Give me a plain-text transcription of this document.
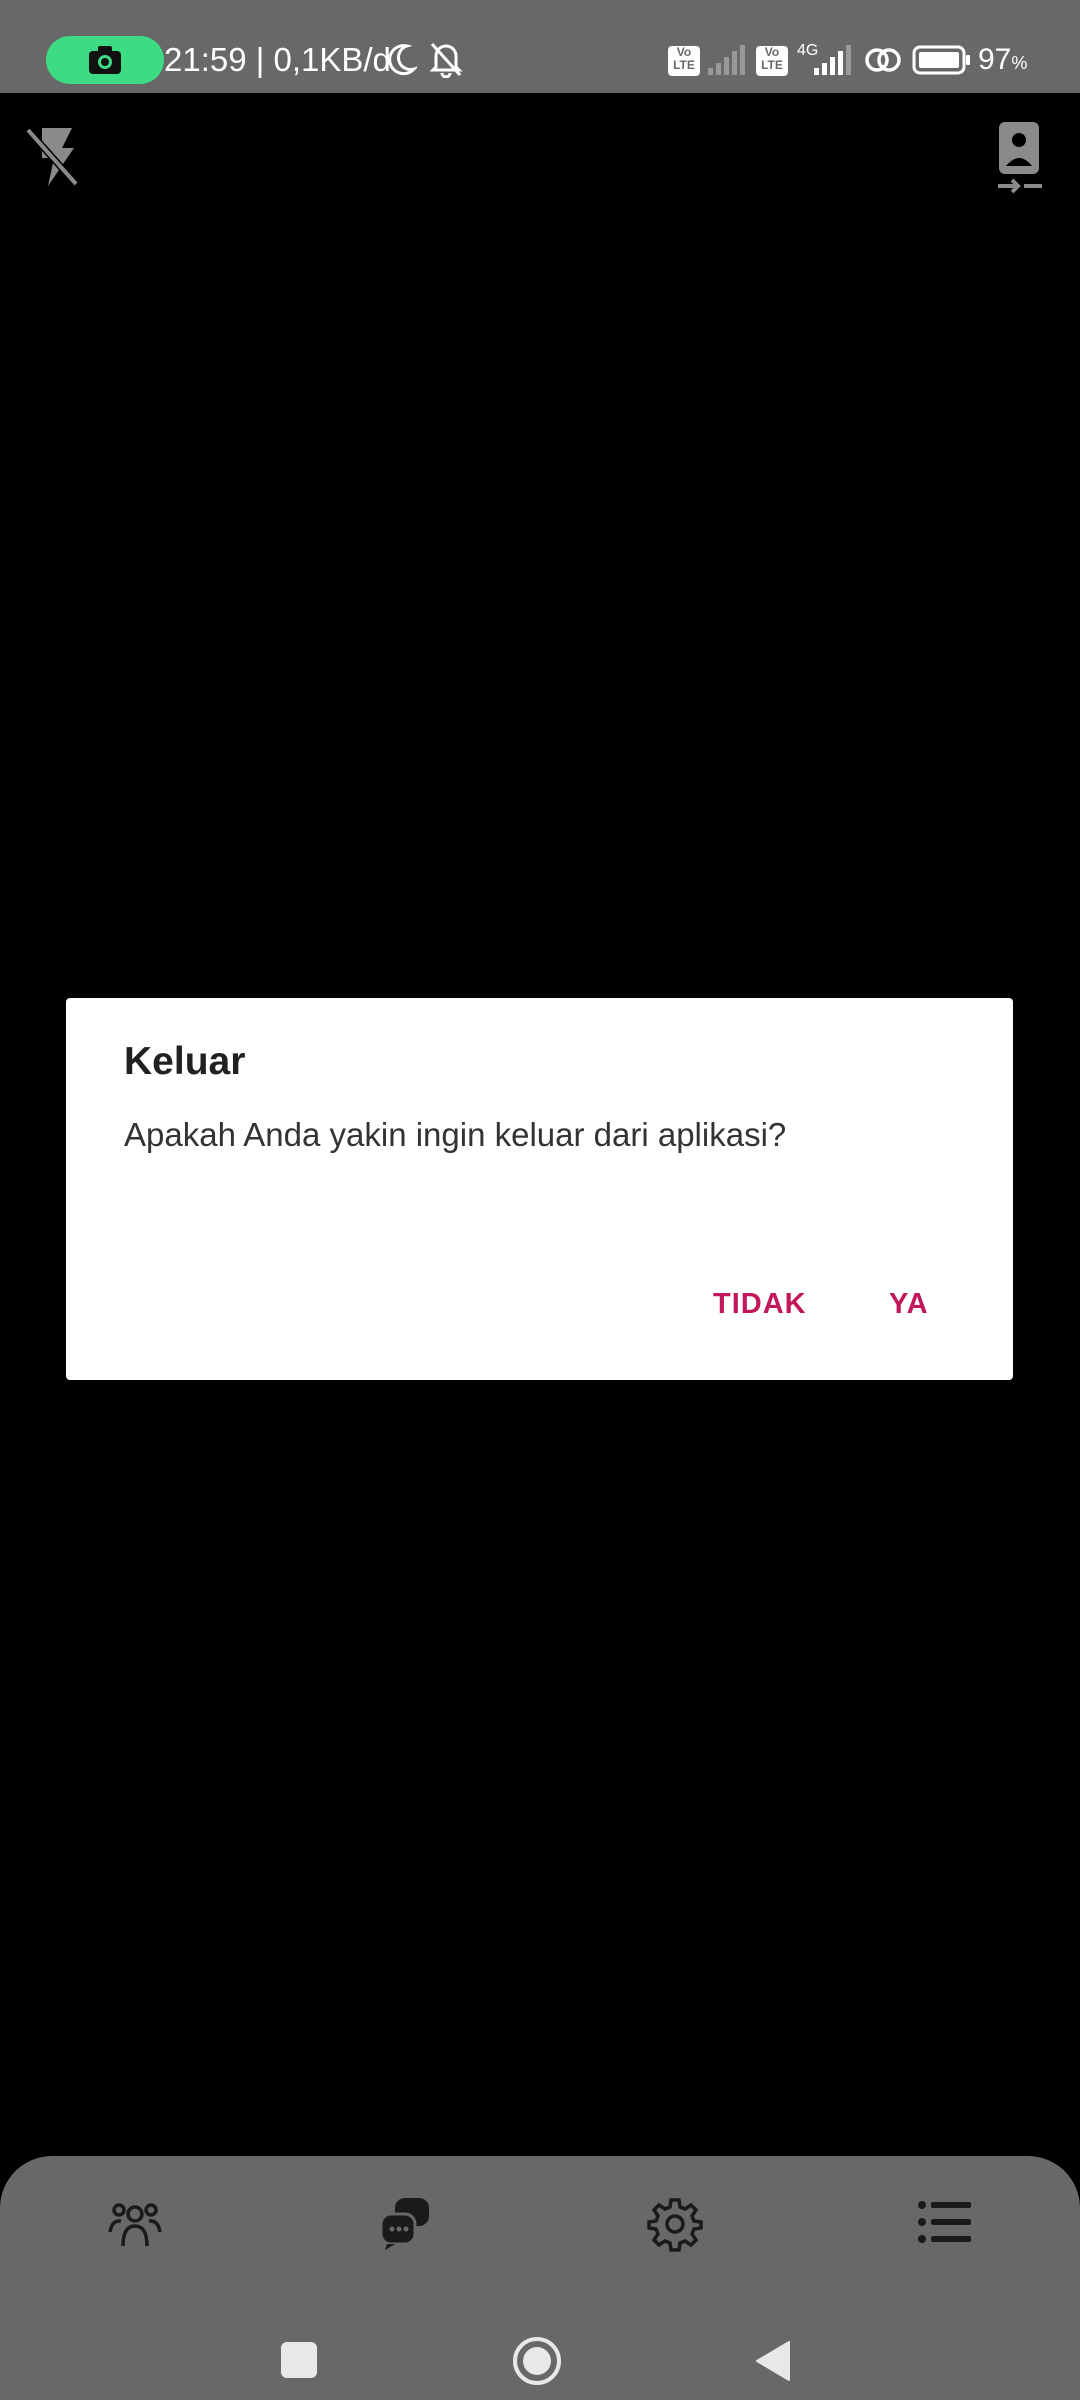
21:59 | 0,1KB/d	Vo LTE
Vo LTE
4G	97%
Keluar
Apakah Anda yakin ingin keluar dari aplikasi?
TIDAK	YA
